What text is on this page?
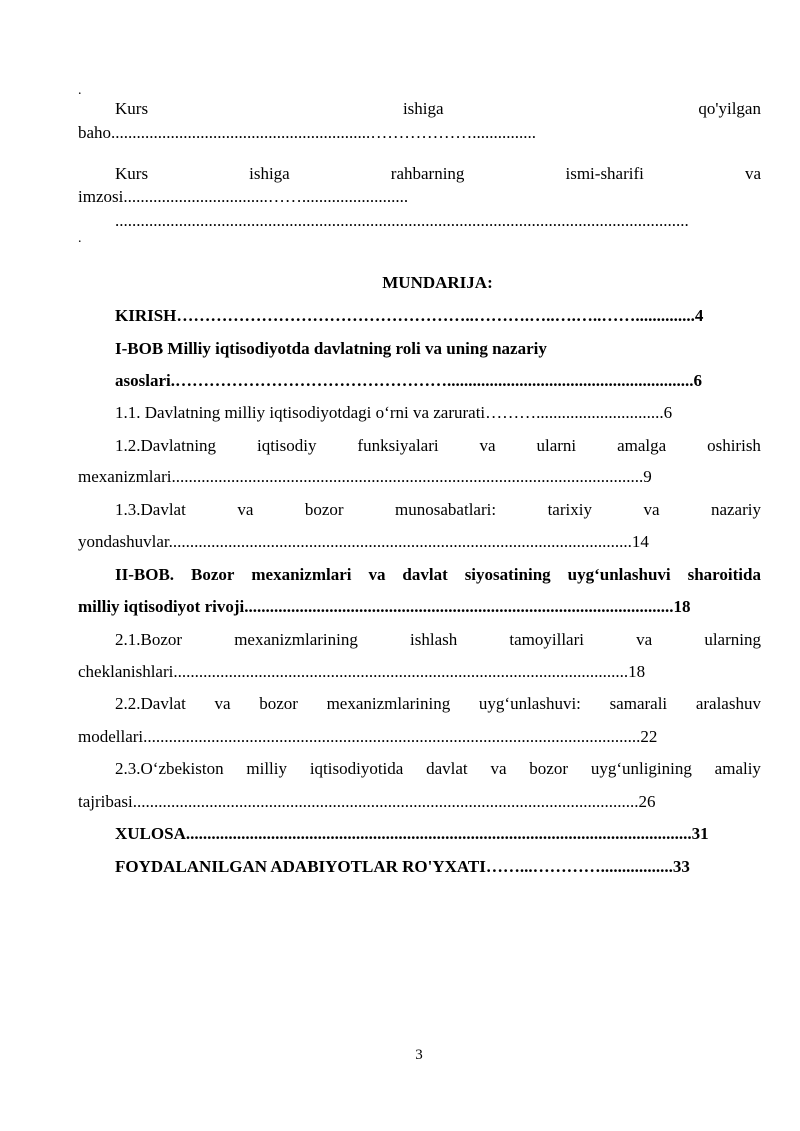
.
Kurs	ishiga	qo'yilgan
baho.............................................................………………...............
Kurs	ishiga	rahbarning	ismi-sharifi	va
imzosi..................................…….........................
.......................................................................................................................................
.
MUNDARIJA:
KIRISH……………………………………………..……….…..….…..……..............4
I-BOB Milliy iqtisodiyotda davlatning roli va uning nazariy
asoslari.…………………………………………..........................................................6
1.1. Davlatning milliy iqtisodiyotdagi o‘rni va zarurati………..............................6
1.2.Davlatning iqtisodiy funksiyalari va ularni amalga oshirish
mexanizmlari...............................................................................................................9
1.3.Davlat	va	bozor	munosabatlari:	tarixiy	va	nazariy
yondashuvlar.............................................................................................................14
II-BOB. Bozor mexanizmlari va davlat siyosatining uyg‘unlashuvi sharoitida
milliy iqtisodiyot rivoji.....................................................................................................18
2.1.Bozor	mexanizmlarining	ishlash	tamoyillari	va	ularning
cheklanishlari...........................................................................................................18
2.2.Davlat va bozor mexanizmlarining uyg‘unlashuvi: samarali aralashuv
modellari.....................................................................................................................22
2.3.O‘zbekiston milliy iqtisodiyotida davlat va bozor uyg‘unligining amaliy
tajribasi.......................................................................................................................26
XULOSA.......................................................................................................................31
FOYDALANILGAN ADABIYOTLAR RO'YXATI……...………….................33
3
